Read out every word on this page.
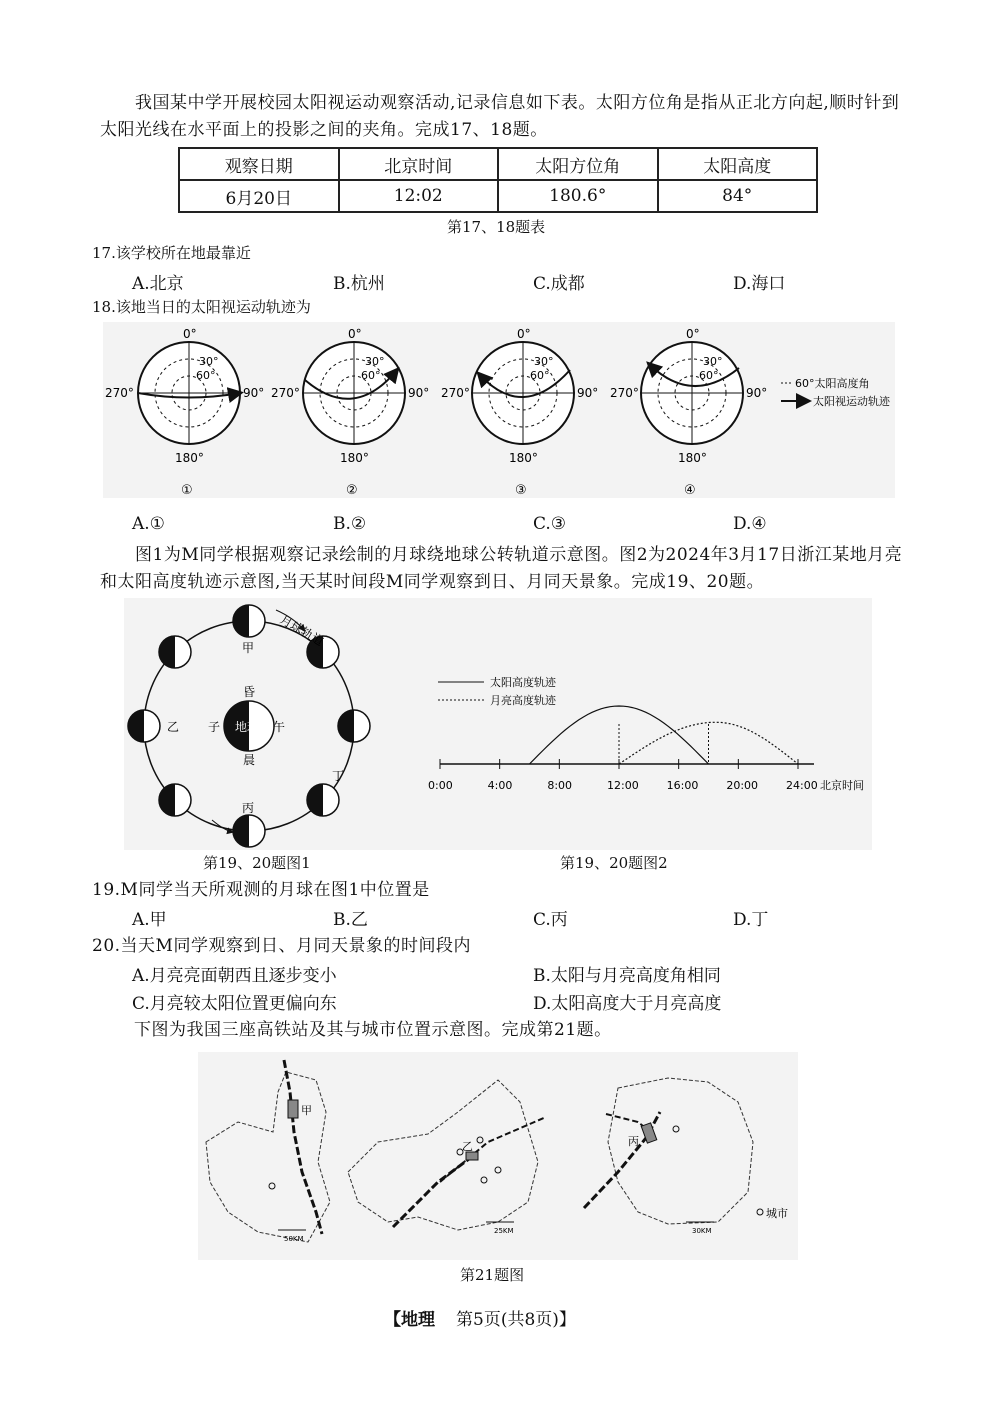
我国某中学开展校园太阳视运动观察活动,记录信息如下表。太阳方位角是指从正北方向起,顺时针到太阳光线在水平面上的投影之间的夹角。完成17、18题。
观察日期	北京时间	太阳方位角	太阳高度
6月20日	12:02	180.6°	84°
第17、18题表
17.该学校所在地最靠近
A.北京	B.杭州	C.成都	D.海口
18.该地当日的太阳视运动轨迹为
0°
90°
180°
270°
30°
60°
①
0°
90°
180°
270°
30°
60°
②
0°
90°
180°
270°
30°
60°
③
0°
90°
180°
270°
30°
60°
④
60°太阳高度角
太阳视运动轨迹
A.①	B.②	C.③	D.④
图1为M同学根据观察记录绘制的月球绕地球公转轨道示意图。图2为2024年3月17日浙江某地月亮和太阳高度轨迹示意图,当天某时间段M同学观察到日、月同天景象。完成19、20题。
地球
昏
子	午
晨
甲
乙
丙
丁
月球轨道
太阳高度轨迹
月亮高度轨迹
0:00	4:00	8:00	12:00	16:00	20:00	24:00 北京时间
第19、20题图1	第19、20题图2
19.M同学当天所观测的月球在图1中位置是
A.甲	B.乙	C.丙	D.丁
20.当天M同学观察到日、月同天景象的时间段内
A.月亮亮面朝西且逐步变小	B.太阳与月亮高度角相同
C.月亮较太阳位置更偏向东	D.太阳高度大于月亮高度
下图为我国三座高铁站及其与城市位置示意图。完成第21题。
甲
50KM
乙
25KM
丙
30KM
城市
第21题图
【地理 第5页(共8页)】
